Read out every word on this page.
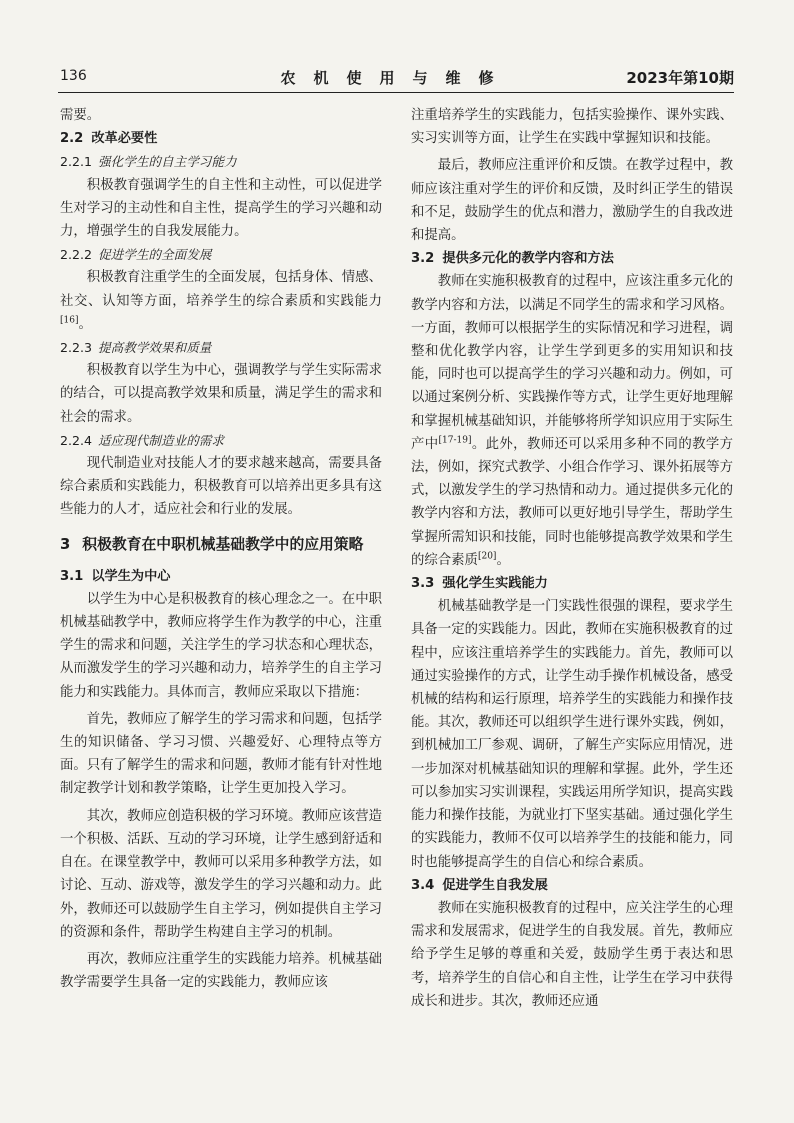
136	农机使用与维修	2023年第10期

需要。

2.2 改革必要性
2.2.1 强化学生的自主学习能力

积极教育强调学生的自主性和主动性，可以促进学生对学习的主动性和自主性，提高学生的学习兴趣和动力，增强学生的自我发展能力。

2.2.2 促进学生的全面发展

积极教育注重学生的全面发展，包括身体、情感、社交、认知等方面，培养学生的综合素质和实践能力[16]。

2.2.3 提高教学效果和质量

积极教育以学生为中心，强调教学与学生实际需求的结合，可以提高教学效果和质量，满足学生的需求和社会的需求。

2.2.4 适应现代制造业的需求

现代制造业对技能人才的要求越来越高，需要具备综合素质和实践能力，积极教育可以培养出更多具有这些能力的人才，适应社会和行业的发展。

3 积极教育在中职机械基础教学中的应用策略
3.1 以学生为中心

以学生为中心是积极教育的核心理念之一。在中职机械基础教学中，教师应将学生作为教学的中心，注重学生的需求和问题，关注学生的学习状态和心理状态，从而激发学生的学习兴趣和动力，培养学生的自主学习能力和实践能力。具体而言，教师应采取以下措施：

首先，教师应了解学生的学习需求和问题，包括学生的知识储备、学习习惯、兴趣爱好、心理特点等方面。只有了解学生的需求和问题，教师才能有针对性地制定教学计划和教学策略，让学生更加投入学习。

其次，教师应创造积极的学习环境。教师应该营造一个积极、活跃、互动的学习环境，让学生感到舒适和自在。在课堂教学中，教师可以采用多种教学方法，如讨论、互动、游戏等，激发学生的学习兴趣和动力。此外，教师还可以鼓励学生自主学习，例如提供自主学习的资源和条件，帮助学生构建自主学习的机制。

再次，教师应注重学生的实践能力培养。机械基础教学需要学生具备一定的实践能力，教师应该

注重培养学生的实践能力，包括实验操作、课外实践、实习实训等方面，让学生在实践中掌握知识和技能。

最后，教师应注重评价和反馈。在教学过程中，教师应该注重对学生的评价和反馈，及时纠正学生的错误和不足，鼓励学生的优点和潜力，激励学生的自我改进和提高。

3.2 提供多元化的教学内容和方法

教师在实施积极教育的过程中，应该注重多元化的教学内容和方法，以满足不同学生的需求和学习风格。一方面，教师可以根据学生的实际情况和学习进程，调整和优化教学内容，让学生学到更多的实用知识和技能，同时也可以提高学生的学习兴趣和动力。例如，可以通过案例分析、实践操作等方式，让学生更好地理解和掌握机械基础知识，并能够将所学知识应用于实际生产中[17-19]。此外，教师还可以采用多种不同的教学方法，例如，探究式教学、小组合作学习、课外拓展等方式，以激发学生的学习热情和动力。通过提供多元化的教学内容和方法，教师可以更好地引导学生，帮助学生掌握所需知识和技能，同时也能够提高教学效果和学生的综合素质[20]。

3.3 强化学生实践能力

机械基础教学是一门实践性很强的课程，要求学生具备一定的实践能力。因此，教师在实施积极教育的过程中，应该注重培养学生的实践能力。首先，教师可以通过实验操作的方式，让学生动手操作机械设备，感受机械的结构和运行原理，培养学生的实践能力和操作技能。其次，教师还可以组织学生进行课外实践，例如，到机械加工厂参观、调研，了解生产实际应用情况，进一步加深对机械基础知识的理解和掌握。此外，学生还可以参加实习实训课程，实践运用所学知识，提高实践能力和操作技能，为就业打下坚实基础。通过强化学生的实践能力，教师不仅可以培养学生的技能和能力，同时也能够提高学生的自信心和综合素质。

3.4 促进学生自我发展

教师在实施积极教育的过程中，应关注学生的心理需求和发展需求，促进学生的自我发展。首先，教师应给予学生足够的尊重和关爱，鼓励学生勇于表达和思考，培养学生的自信心和自主性，让学生在学习中获得成长和进步。其次，教师还应通
